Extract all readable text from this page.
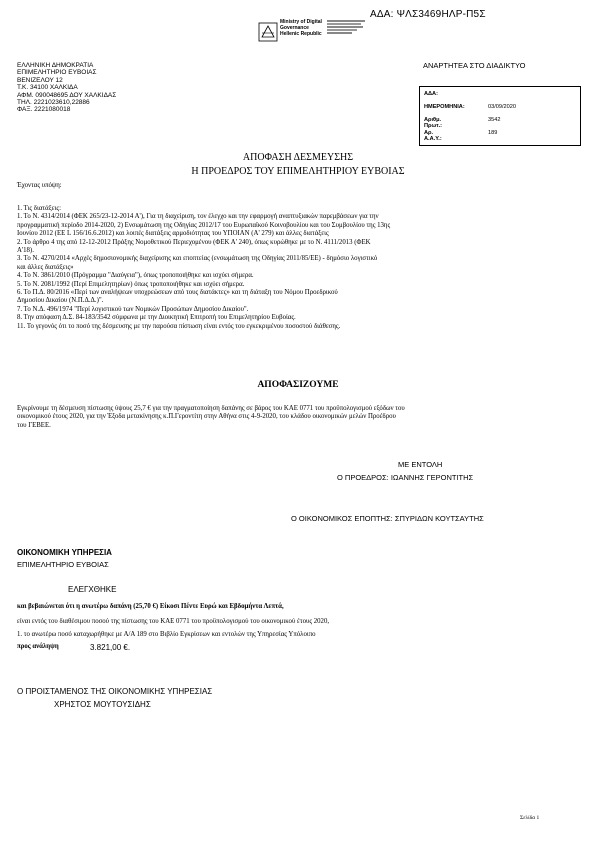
ΑΔΑ: ΨΛΣ3469ΗΛΡ-Π5Σ
Ministry of Digital
Governance
Hellenic Republic
ΕΛΛΗΝΙΚΗ ΔΗΜΟΚΡΑΤΙΑ
ΕΠΙΜΕΛΗΤΗΡΙΟ ΕΥΒΟΙΑΣ
ΒΕΝΙΖΕΛΟΥ 12
Τ.Κ. 34100 ΧΑΛΚΙΔΑ
ΑΦΜ. 090048695 ΔΟΥ ΧΑΛΚΙΔΑΣ
ΤΗΛ. 2221023610,22886
ΦΑΞ. 2221080018
ΑΝΑΡΤΗΤΕΑ ΣΤΟ ΔΙΑΔΙΚΤΥΟ
ΑΔΑ:
ΗΜΕΡΟΜΗΝΙΑ:	03/09/2020
Αριθμ. Πρωτ.:
3542
Αρ. Α.Α.Υ.:
189
ΑΠΟΦΑΣΗ ΔΕΣΜΕΥΣΗΣ
Η ΠΡΟΕΔΡΟΣ ΤΟΥ ΕΠΙΜΕΛΗΤΗΡΙΟΥ ΕΥΒΟΙΑΣ
Έχοντας υπόψη:
1. Τις διατάξεις:
1. Το Ν. 4314/2014 (ΦΕΚ 265/23-12-2014 Α'), Για τη διαχείριση, τον έλεγχο και την εφαρμογή αναπτυξιακών παρεμβάσεων για την
προγραμματική περίοδο 2014-2020, 2) Ενσωμάτωση της Οδηγίας 2012/17 του Ευρωπαϊκού Κοινοβουλίου και του Συμβουλίου της 13ης
Ιουνίου 2012 (ΕΕ L 156/16.6.2012) και λοιπές διατάξεις αρμοδιότητας του ΥΠΟΙΑΝ (Α' 279) και άλλες διατάξεις
2. Το άρθρο 4 της από 12-12-2012 Πράξης Νομοθετικού Περιεχομένου (ΦΕΚ Α' 240), όπως κυρώθηκε με το Ν. 4111/2013 (ΦΕΚ
Α'18).
3. Το Ν. 4270/2014 «Αρχές δημοσιονομικής διαχείρισης και εποπτείας (ενσωμάτωση της Οδηγίας 2011/85/ΕΕ) - δημόσιο λογιστικό
και άλλες διατάξεις»
4. Το Ν. 3861/2010 (Πρόγραμμα "Διαύγεια"), όπως τροποποιήθηκε και ισχύει σήμερα.
5. Το Ν. 2081/1992 (Περί Επιμελητηρίων) όπως τροποποιήθηκε και ισχύει σήμερα.
6. Το Π.Δ. 80/2016 «Περί των αναλήψεων υποχρεώσεων από τους διατάκτες» και τη διάταξη του Νόμου Προεδρικού
Δημοσίου Δικαίου (Ν.Π.Δ.Δ.)".
7. Το Ν.Δ. 496/1974 "Περί λογιστικού των Νομικών Προσώπων Δημοσίου Δικαίου".
8. Την απόφαση Δ.Σ. 84-183/3542 σύμφωνα με την Διοικητική Επιτροπή του Επιμελητηρίου Ευβοίας.
11. Το γεγονός ότι το ποσό της δέσμευσης με την παρούσα πίστωση είναι εντός του εγκεκριμένου ποσοστού διάθεσης.
ΑΠΟΦΑΣΙΖΟΥΜΕ
Εγκρίνουμε τη δέσμευση πίστωσης ύψους 25,7 € για την πραγματοποίηση δαπάνης σε βάρος του ΚΑΕ 0771 του προϋπολογισμού εξόδων του
οικονομικού έτους 2020, για την Έξοδα μετακίνησης κ.Π.Γεροντίτη στην Αθήνα στις 4-9-2020, του κλάδου οικονομικών μελών Προέδρου
του ΓΕΒΕΕ.
ΜΕ ΕΝΤΟΛΗ
Ο ΠΡΟΕΔΡΟΣ: ΙΩΑΝΝΗΣ ΓΕΡΟΝΤΙΤΗΣ
Ο ΟΙΚΟΝΟΜΙΚΟΣ ΕΠΟΠΤΗΣ: ΣΠΥΡΙΔΩΝ ΚΟΥΤΣΑΥΤΗΣ
ΟΙΚΟΝΟΜΙΚΗ ΥΠΗΡΕΣΙΑ
ΕΠΙΜΕΛΗΤΗΡΙΟ ΕΥΒΟΙΑΣ
ΕΛΕΓΧΘΗΚΕ
και βεβαιώνεται ότι η ανωτέρω δαπάνη (25,70 €) Είκοσι Πέντε Ευρώ και Εβδομήντα Λεπτά,
είναι εντός του διαθέσιμου ποσού της πίστωσης του ΚΑΕ 0771 του προϋπολογισμού του οικονομικού έτους 2020,
1. το ανωτέρω ποσό καταχωρήθηκε με Α/Α 189 στο Βιβλίο Εγκρίσεων και εντολών της Υπηρεσίας Υπόλοιπο
προς ανάληψη	3.821,00 €.
Ο ΠΡΟΙΣΤΑΜΕΝΟΣ ΤΗΣ ΟΙΚΟΝΟΜΙΚΗΣ ΥΠΗΡΕΣΙΑΣ
ΧΡΗΣΤΟΣ ΜΟΥΤΟΥΣΙΔΗΣ
Σελίδα 1
